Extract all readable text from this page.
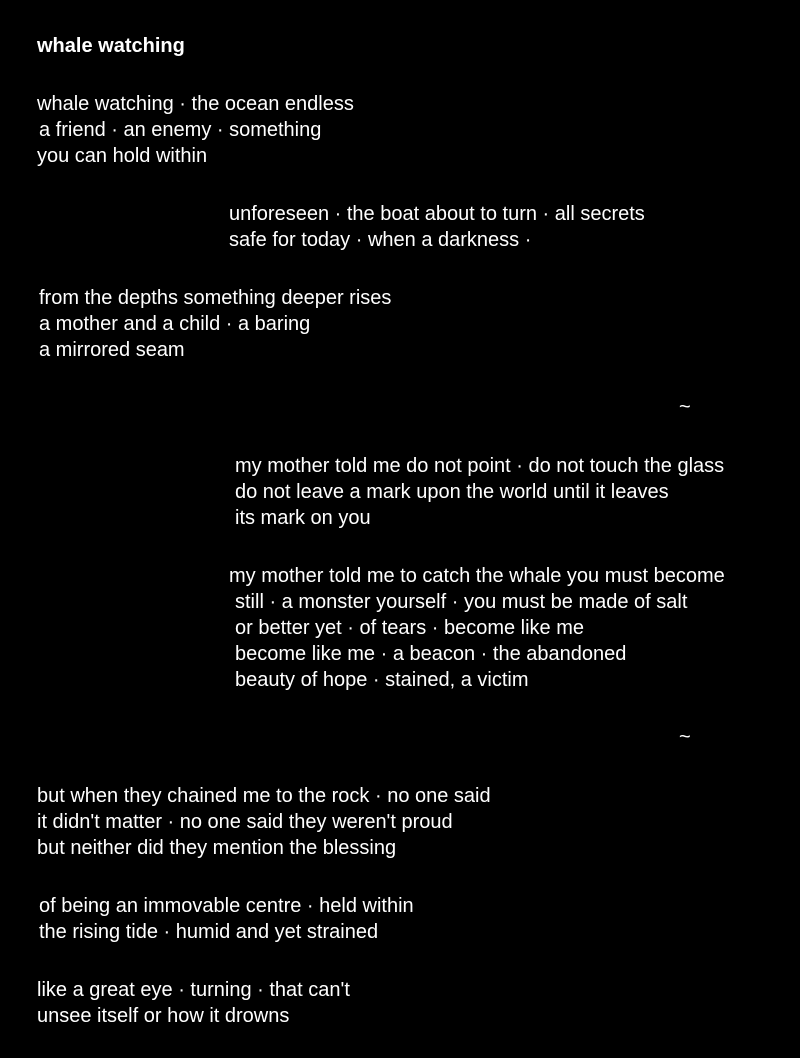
whale watching
whale watching · the ocean endless
a friend · an enemy · something
you can hold within
unforeseen · the boat about to turn · all secrets
safe for today · when a darkness ·
from the depths something deeper rises
a mother and a child · a baring
a mirrored seam
~
my mother told me do not point · do not touch the glass
do not leave a mark upon the world until it leaves
its mark on you
my mother told me to catch the whale you must become
still · a monster yourself · you must be made of salt
or better yet · of tears · become like me
become like me · a beacon · the abandoned
beauty of hope · stained, a victim
~
but when they chained me to the rock · no one said
it didn't matter · no one said they weren't proud
but neither did they mention the blessing
of being an immovable centre · held within
the rising tide · humid and yet strained
like a great eye · turning · that can't
unsee itself or how it drowns
